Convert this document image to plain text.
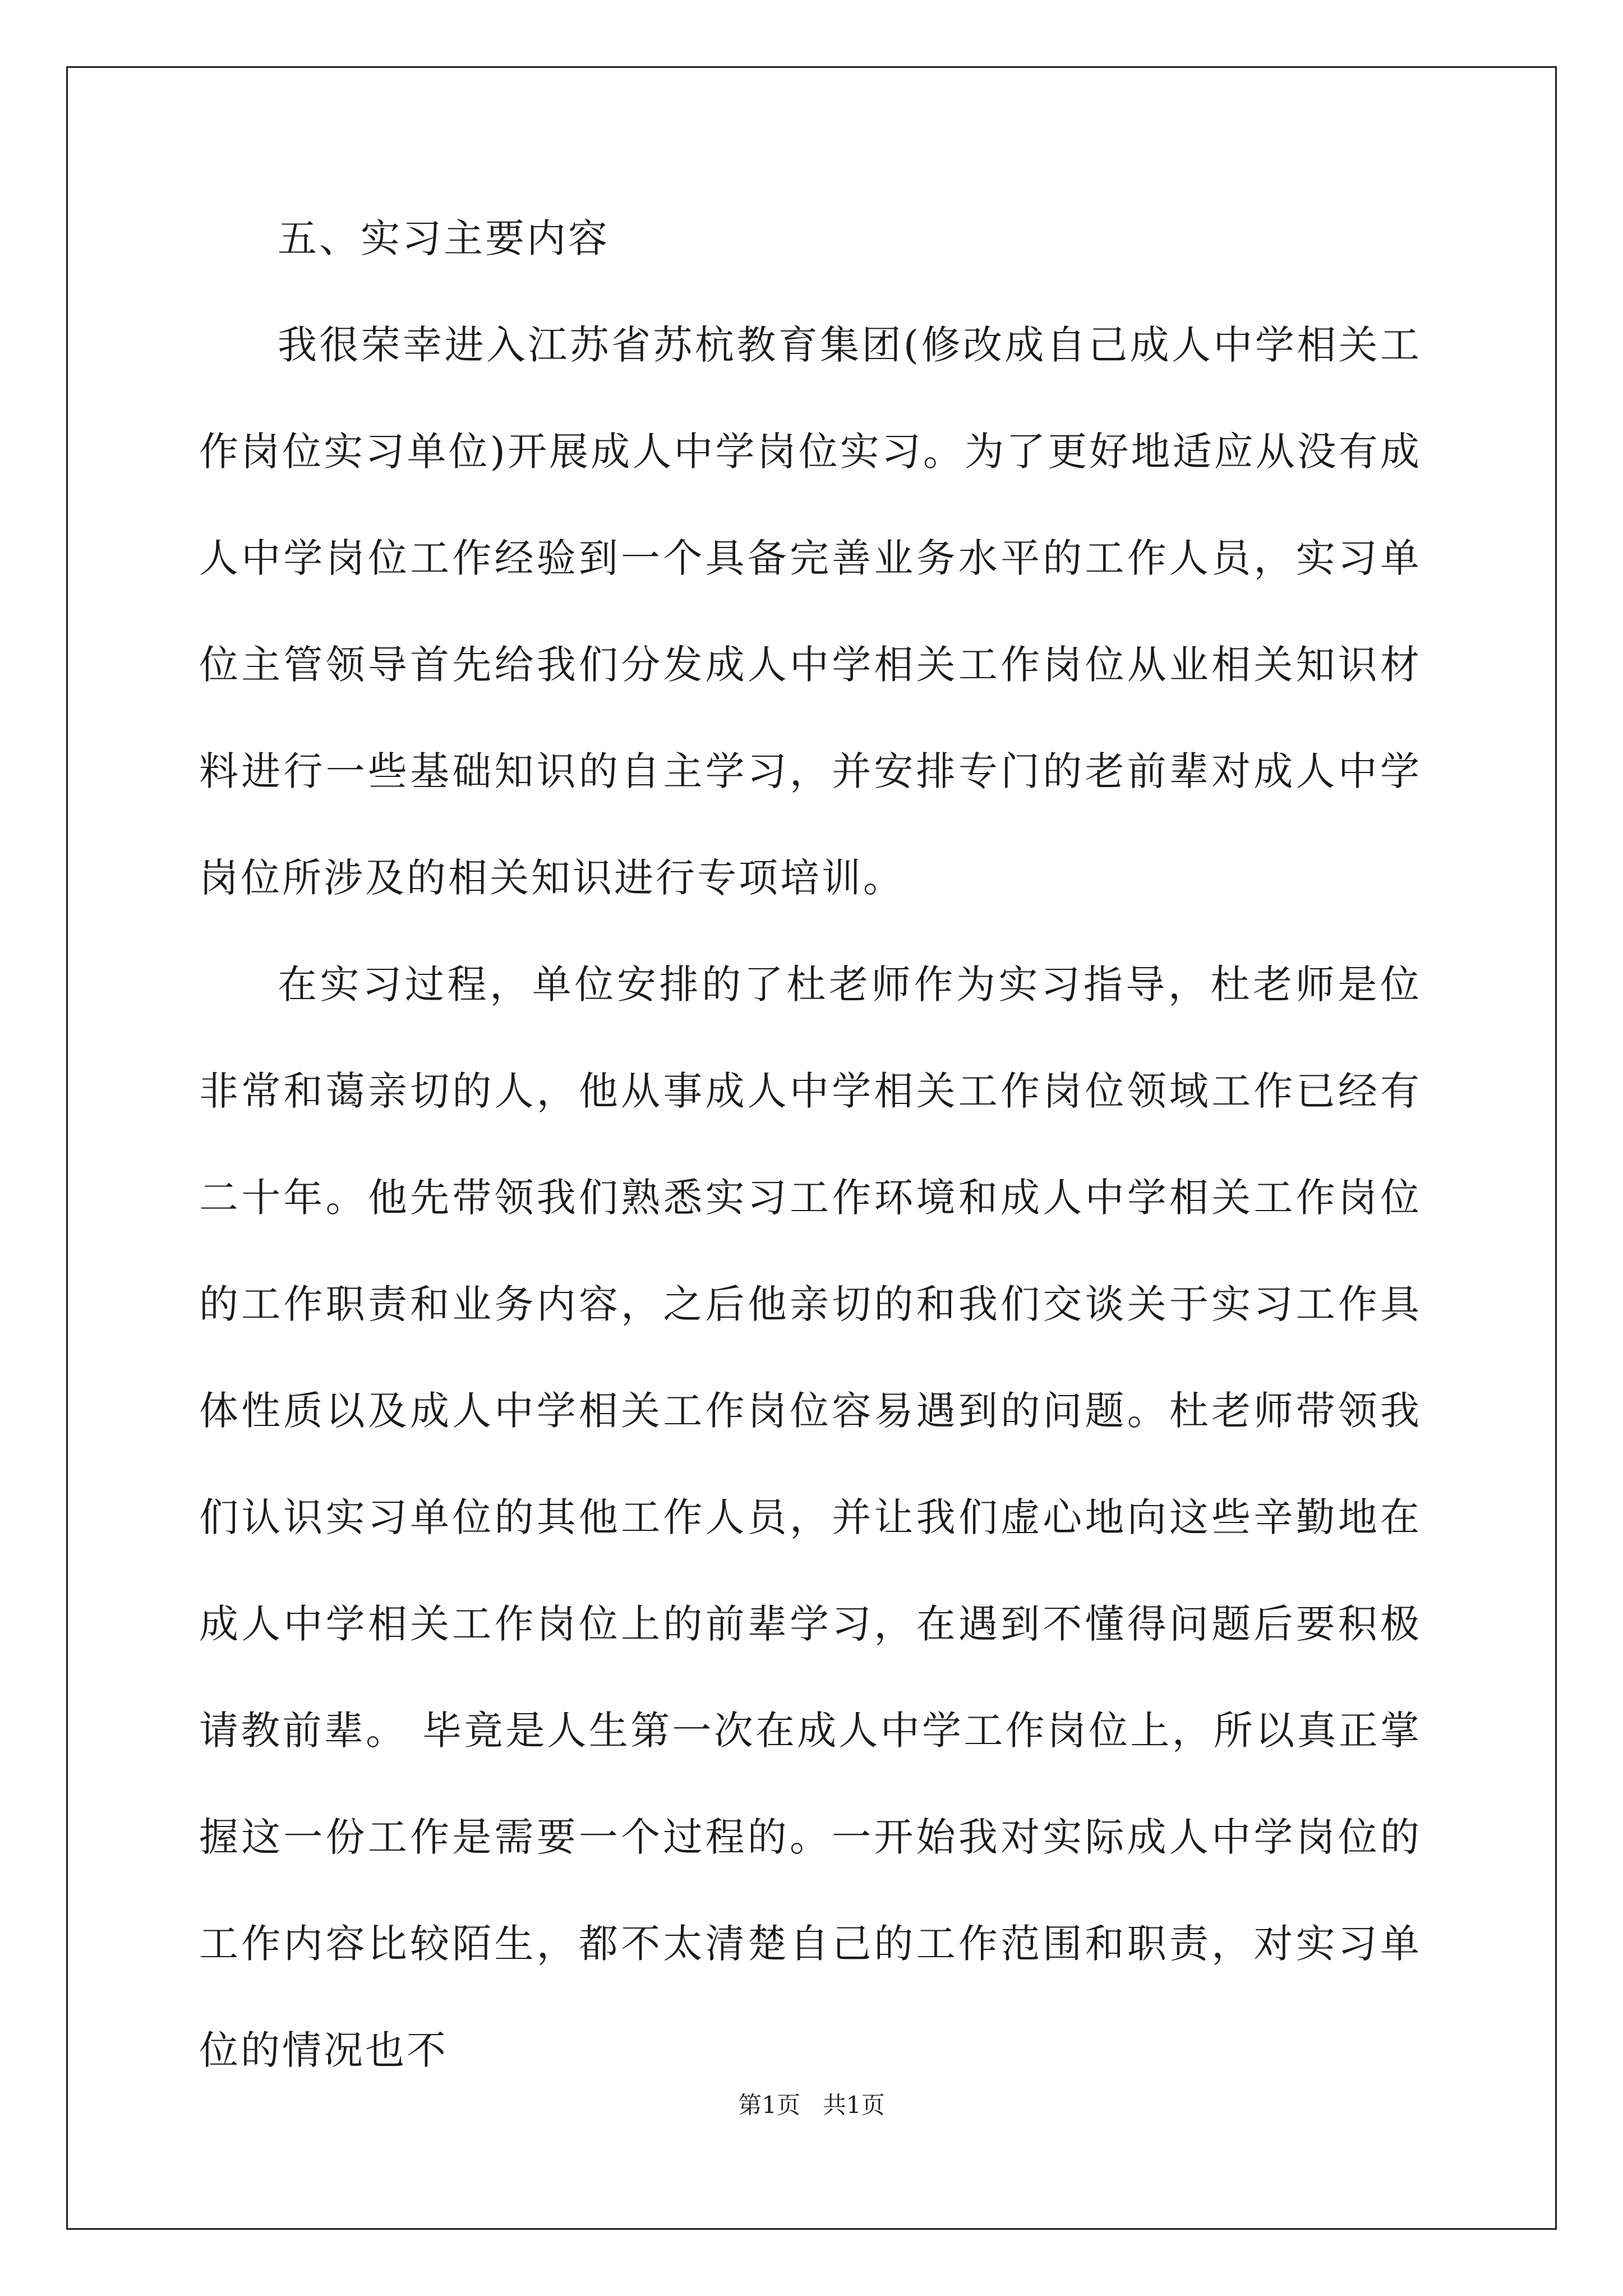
五、实习主要内容

我很荣幸进入江苏省苏杭教育集团(修改成自己成人中学相关工作岗位实习单位)开展成人中学岗位实习。为了更好地适应从没有成人中学岗位工作经验到一个具备完善业务水平的工作人员，实习单位主管领导首先给我们分发成人中学相关工作岗位从业相关知识材料进行一些基础知识的自主学习，并安排专门的老前辈对成人中学岗位所涉及的相关知识进行专项培训。

在实习过程，单位安排的了杜老师作为实习指导，杜老师是位非常和蔼亲切的人，他从事成人中学相关工作岗位领域工作已经有二十年。他先带领我们熟悉实习工作环境和成人中学相关工作岗位的工作职责和业务内容，之后他亲切的和我们交谈关于实习工作具体性质以及成人中学相关工作岗位容易遇到的问题。杜老师带领我们认识实习单位的其他工作人员，并让我们虚心地向这些辛勤地在成人中学相关工作岗位上的前辈学习，在遇到不懂得问题后要积极请教前辈。 毕竟是人生第一次在成人中学工作岗位上，所以真正掌握这一份工作是需要一个过程的。一开始我对实际成人中学岗位的工作内容比较陌生，都不太清楚自己的工作范围和职责，对实习单位的情况也不

第1页 共1页
